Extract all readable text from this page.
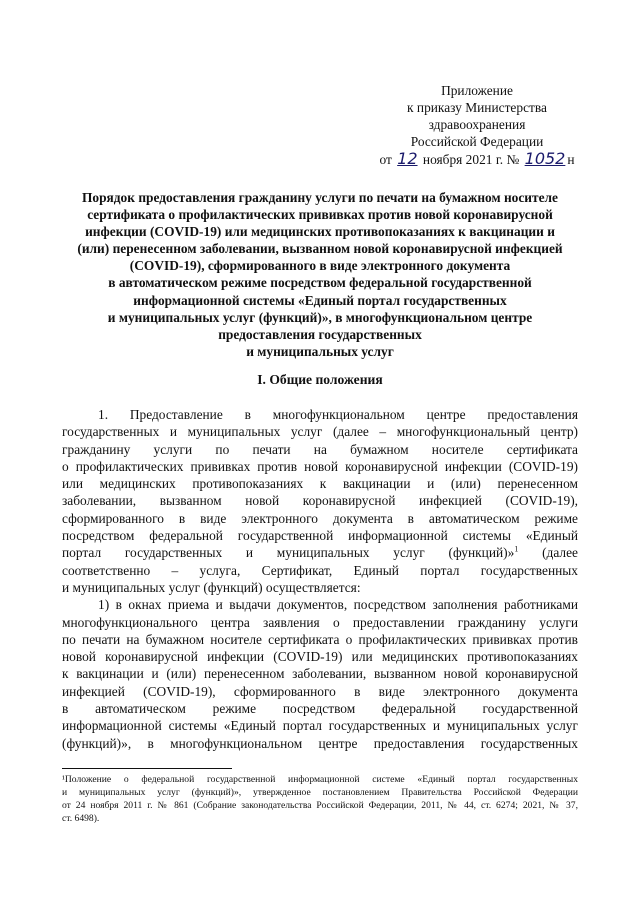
Приложение
к приказу Министерства
здравоохранения
Российской Федерации
от 12 ноября 2021 г. № 1052 н
Порядок предоставления гражданину услуги по печати на бумажном носителе
сертификата о профилактических прививках против новой коронавирусной
инфекции (COVID-19) или медицинских противопоказаниях к вакцинации и
(или) перенесенном заболевании, вызванном новой коронавирусной инфекцией
(COVID-19), сформированного в виде электронного документа
в автоматическом режиме посредством федеральной государственной
информационной системы «Единый портал государственных
и муниципальных услуг (функций)», в многофункциональном центре
предоставления государственных
и муниципальных услуг
I. Общие положения
1. Предоставление в многофункциональном центре предоставления
государственных и муниципальных услуг (далее – многофункциональный центр)
гражданину услуги по печати на бумажном носителе сертификата
о профилактических прививках против новой коронавирусной инфекции (COVID-19)
или медицинских противопоказаниях к вакцинации и (или) перенесенном
заболевании, вызванном новой коронавирусной инфекцией (COVID-19),
сформированного в виде электронного документа в автоматическом режиме
посредством федеральной государственной информационной системы «Единый
портал государственных и муниципальных услуг (функций)»$^1$ (далее
соответственно – услуга, Сертификат, Единый портал государственных
и муниципальных услуг (функций) осуществляется:
1) в окнах приема и выдачи документов, посредством заполнения работниками
многофункционального центра заявления о предоставлении гражданину услуги
по печати на бумажном носителе сертификата о профилактических прививках против
новой коронавирусной инфекции (COVID-19) или медицинских противопоказаниях
к вакцинации и (или) перенесенном заболевании, вызванном новой коронавирусной
инфекцией (COVID-19), сформированного в виде электронного документа
в автоматическом режиме посредством федеральной государственной
информационной системы «Единый портал государственных и муниципальных услуг
(функций)», в многофункциональном центре предоставления государственных
¹Положение о федеральной государственной информационной системе «Единый портал государственных
и муниципальных услуг (функций)», утвержденное постановлением Правительства Российской Федерации
от 24 ноября 2011 г. № 861 (Собрание законодательства Российской Федерации, 2011, № 44, ст. 6274; 2021, № 37,
ст. 6498).
